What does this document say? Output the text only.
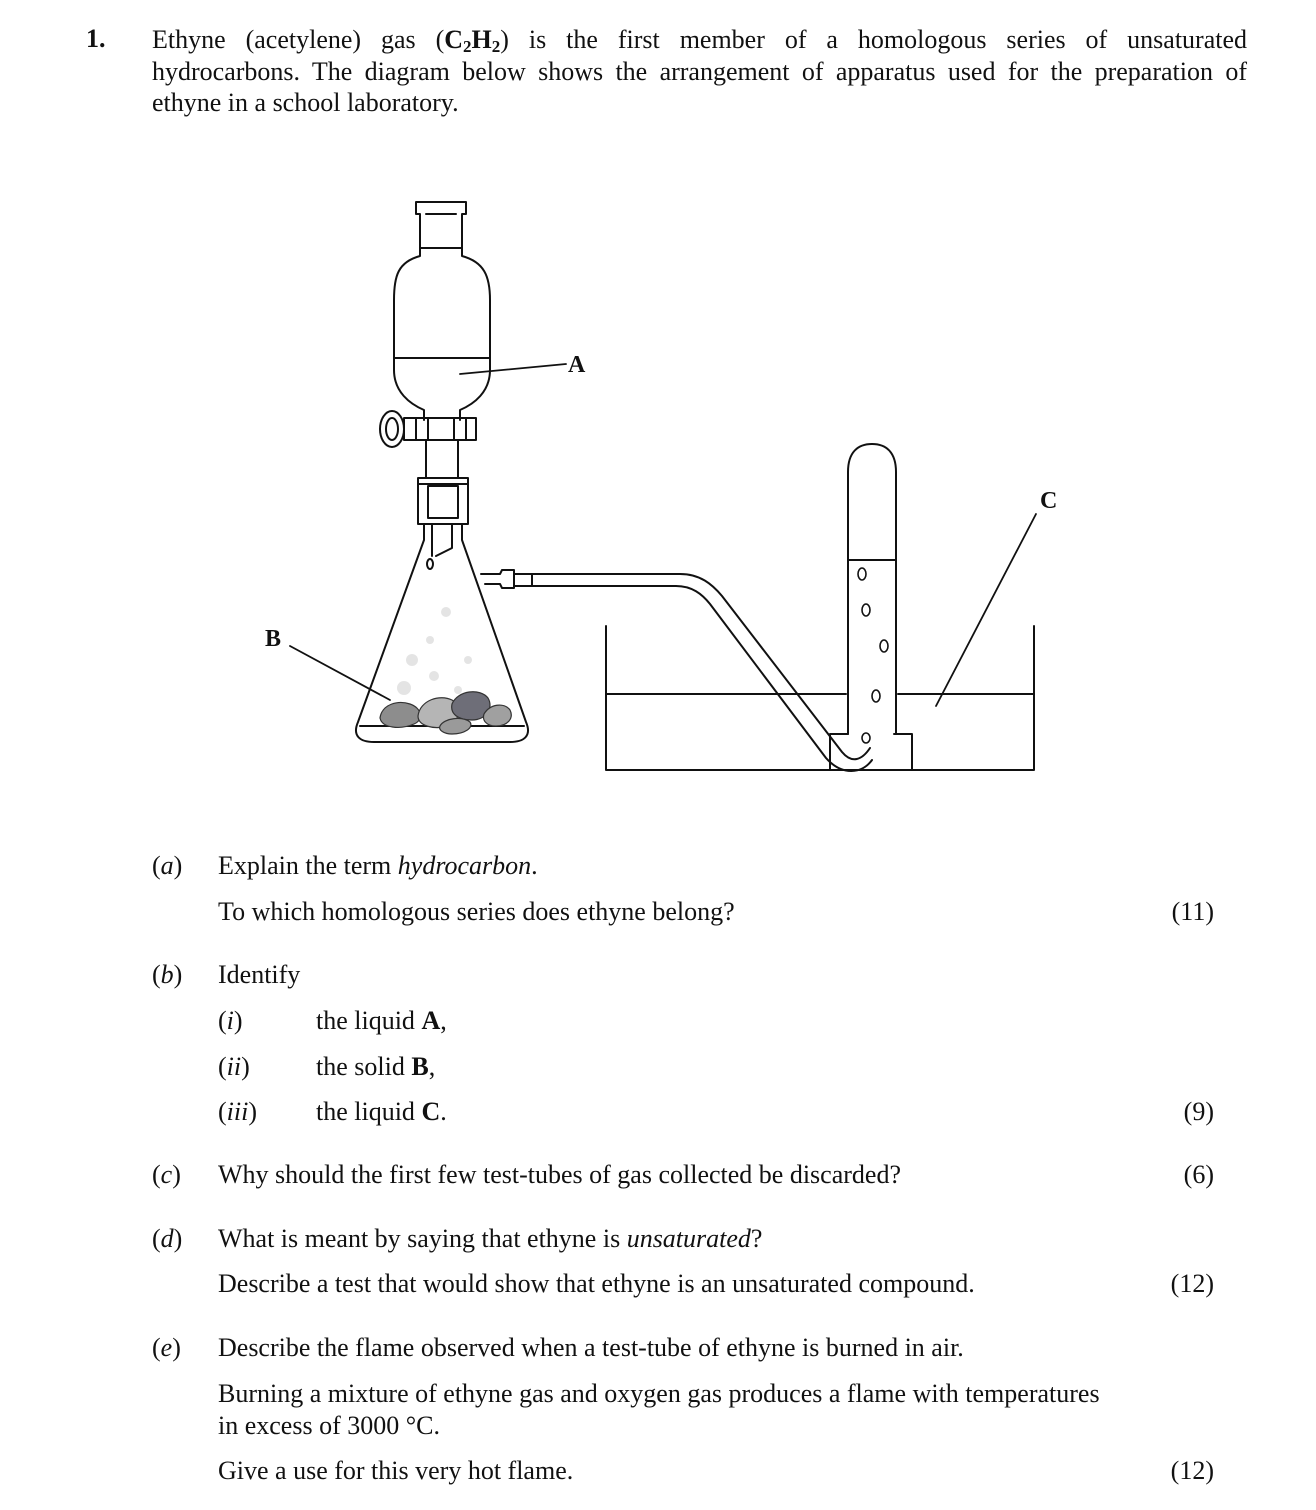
1. Ethyne (acetylene) gas $(C_2H_2)$ is the first member of a homologous series of unsaturated
hydrocarbons. The diagram below shows the arrangement of apparatus used for the preparation of
ethyne in a school laboratory.
A
B
C
(a) Explain the term hydrocarbon.
To which homologous series does ethyne belong?	(11)
(b) Identify
(i)	the liquid A,
(ii)	the solid B,
(iii) the liquid C.	(9)
(c) Why should the first few test-tubes of gas collected be discarded?	(6)
(d) What is meant by saying that ethyne is unsaturated?
Describe a test that would show that ethyne is an unsaturated compound.	(12)
(e) Describe the flame observed when a test-tube of ethyne is burned in air.
Burning a mixture of ethyne gas and oxygen gas produces a flame with temperatures
in excess of 3000 °C.
Give a use for this very hot flame.	(12)
